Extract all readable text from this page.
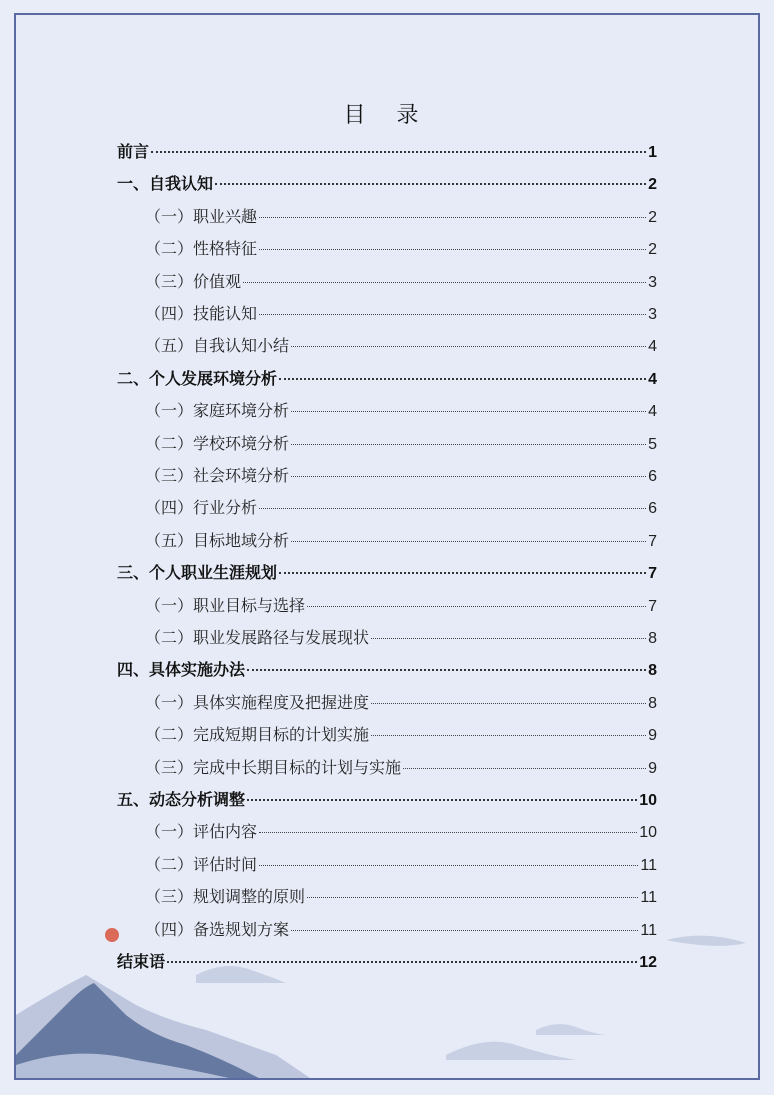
目 录
前言	1
一、自我认知	2
（一）职业兴趣	2
（二）性格特征	2
（三）价值观	3
（四）技能认知	3
（五）自我认知小结	4
二、个人发展环境分析	4
（一）家庭环境分析	4
（二）学校环境分析	5
（三）社会环境分析	6
（四）行业分析	6
（五）目标地域分析	7
三、个人职业生涯规划	7
（一）职业目标与选择	7
（二）职业发展路径与发展现状	8
四、具体实施办法	8
（一）具体实施程度及把握进度	8
（二）完成短期目标的计划实施	9
（三）完成中长期目标的计划与实施	9
五、动态分析调整	10
（一）评估内容	10
（二）评估时间	11
（三）规划调整的原则	11
（四）备选规划方案	11
结束语	12
